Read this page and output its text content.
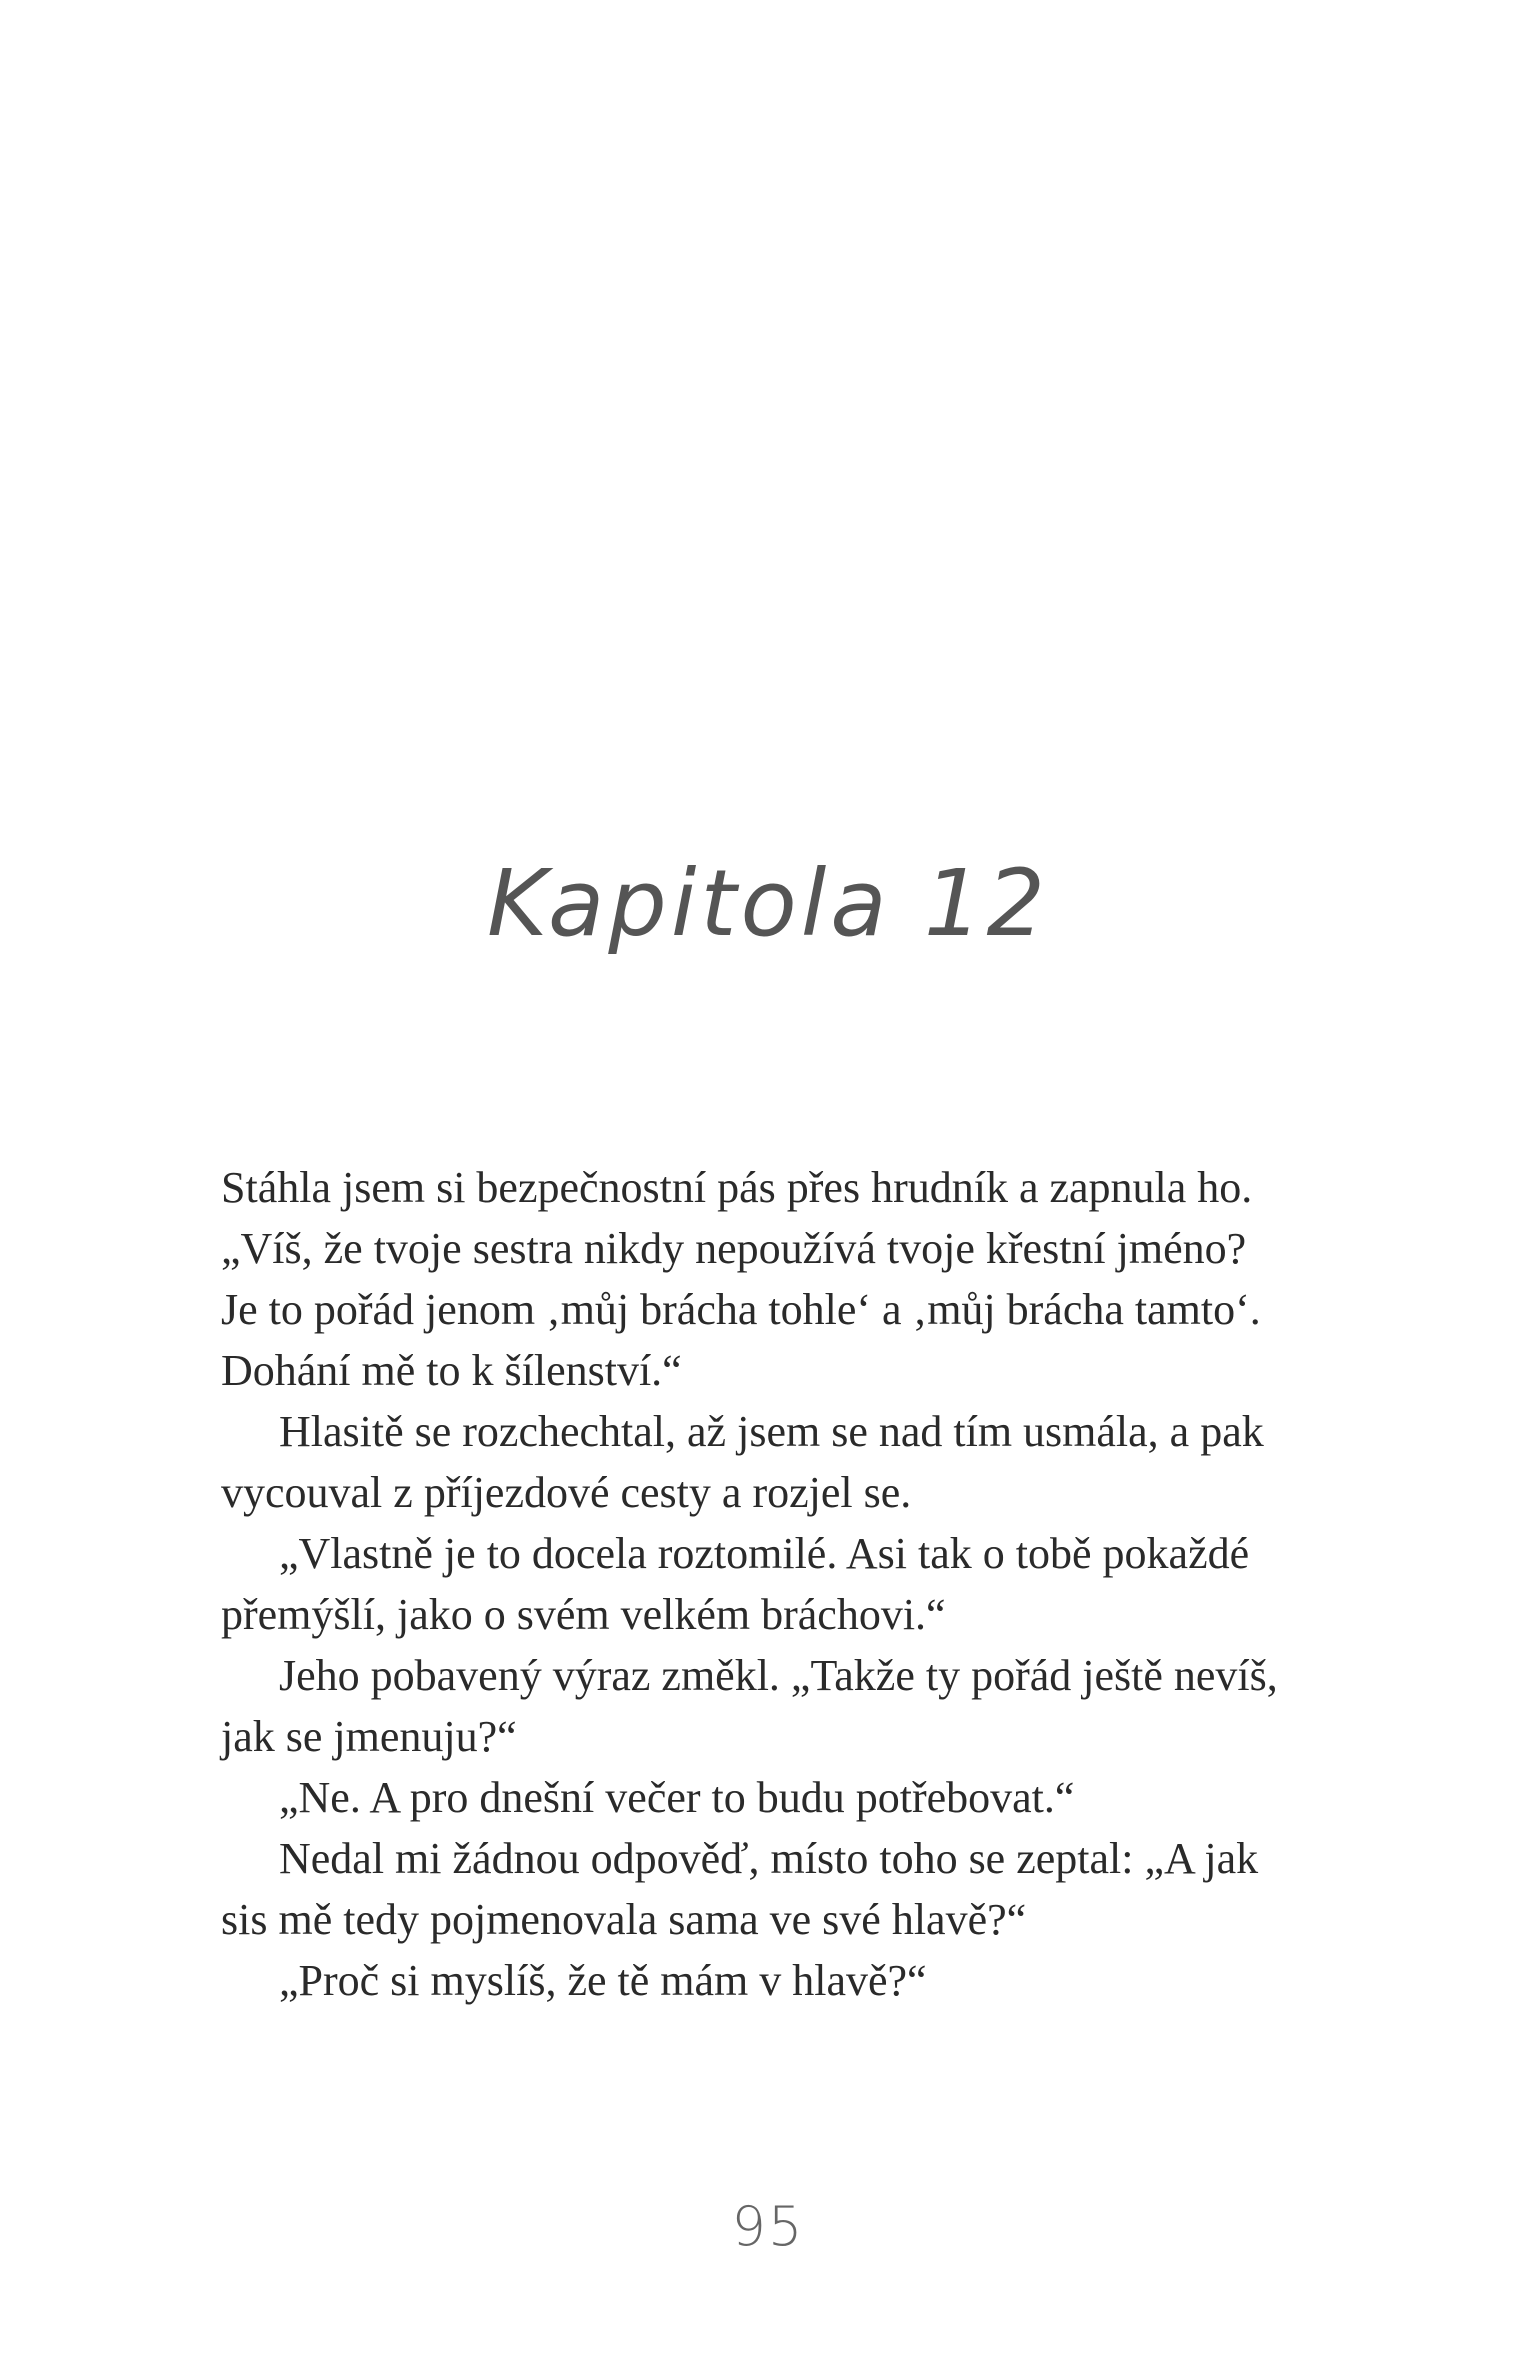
Kapitola 12
Stáhla jsem si bezpečnostní pás přes hrudník a zapnula ho.
„Víš, že tvoje sestra nikdy nepoužívá tvoje křestní jméno?
Je to pořád jenom ‚můj brácha tohle‘ a ‚můj brácha tamto‘.
Dohání mě to k šílenství.“
Hlasitě se rozchechtal, až jsem se nad tím usmála, a pak
vycouval z příjezdové cesty a rozjel se.
„Vlastně je to docela roztomilé. Asi tak o tobě pokaždé
přemýšlí, jako o svém velkém bráchovi.“
Jeho pobavený výraz změkl. „Takže ty pořád ještě nevíš,
jak se jmenuju?“
„Ne. A pro dnešní večer to budu potřebovat.“
Nedal mi žádnou odpověď, místo toho se zeptal: „A jak
sis mě tedy pojmenovala sama ve své hlavě?“
„Proč si myslíš, že tě mám v hlavě?“
95
